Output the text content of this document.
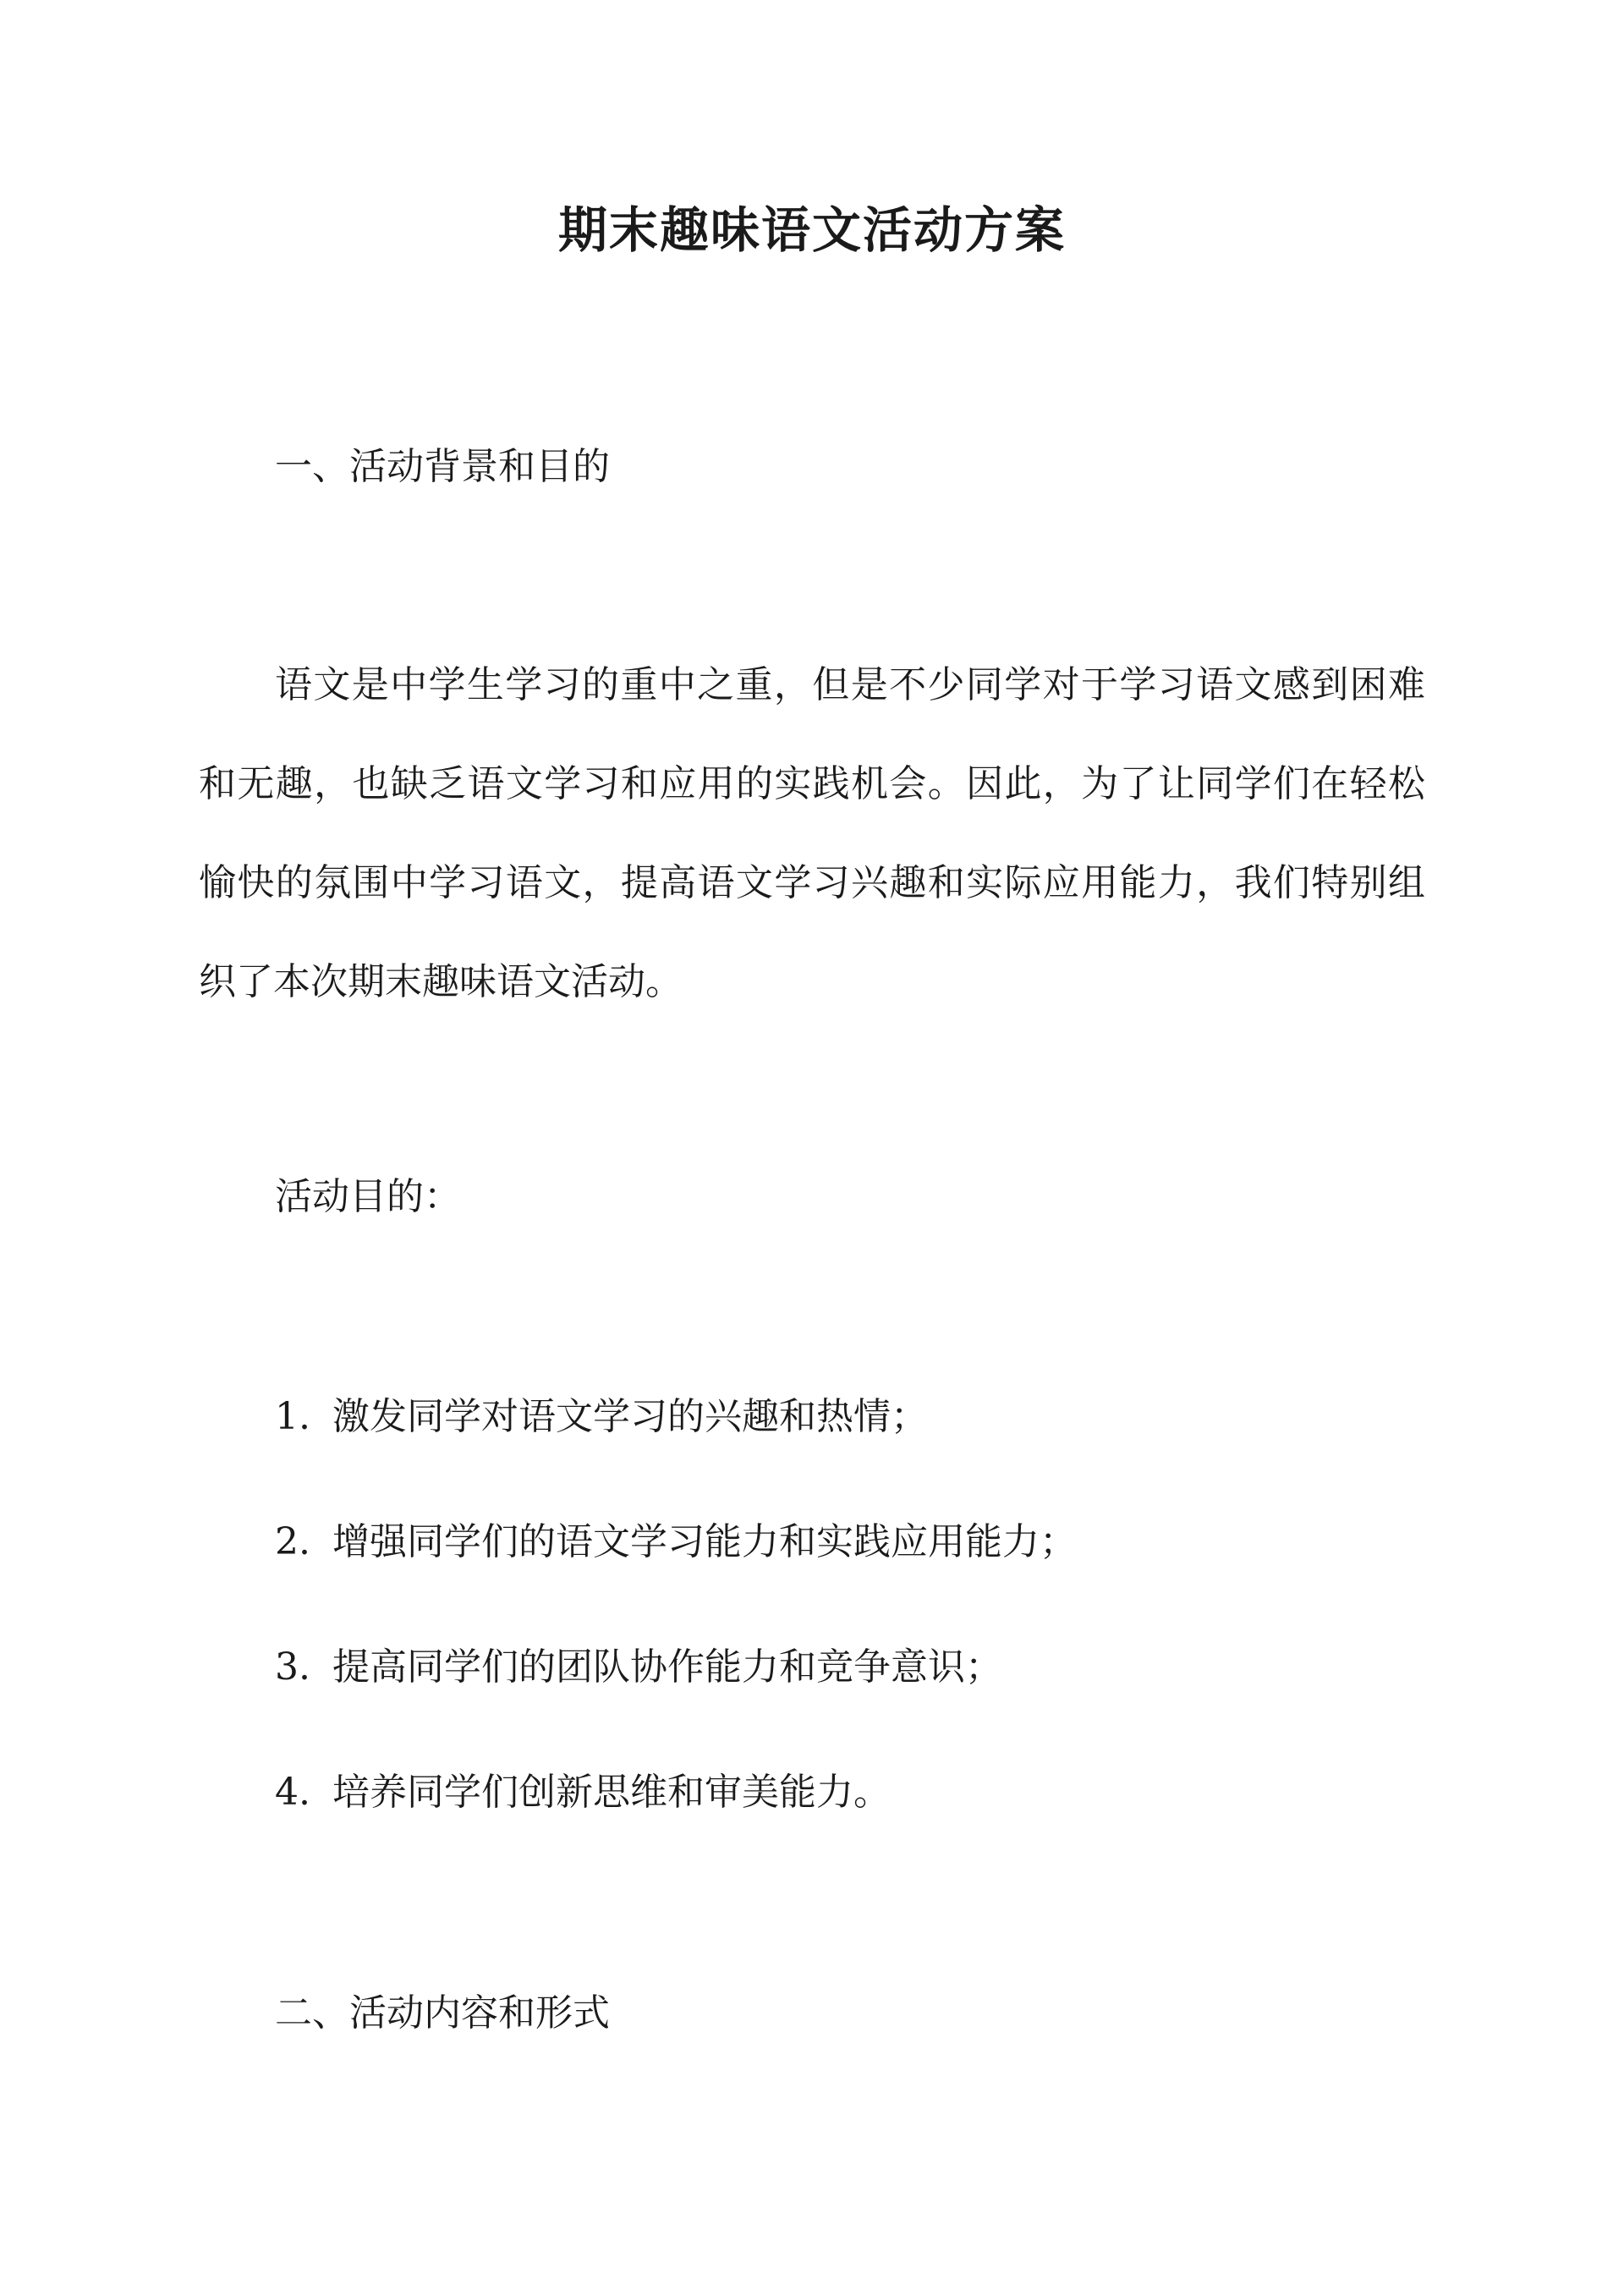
期末趣味语文活动方案
一、活动背景和目的
语文是中学生学习的重中之重，但是不少同学对于学习语文感到困难和无趣，也缺乏语文学习和应用的实践机会。因此，为了让同学们在轻松愉快的氛围中学习语文，提高语文学习兴趣和实际应用能力，我们特别组织了本次期末趣味语文活动。
活动目的：
1. 激发同学对语文学习的兴趣和热情；
2. 增强同学们的语文学习能力和实践应用能力；
3. 提高同学们的团队协作能力和竞争意识；
4. 培养同学们创新思维和审美能力。
二、活动内容和形式
